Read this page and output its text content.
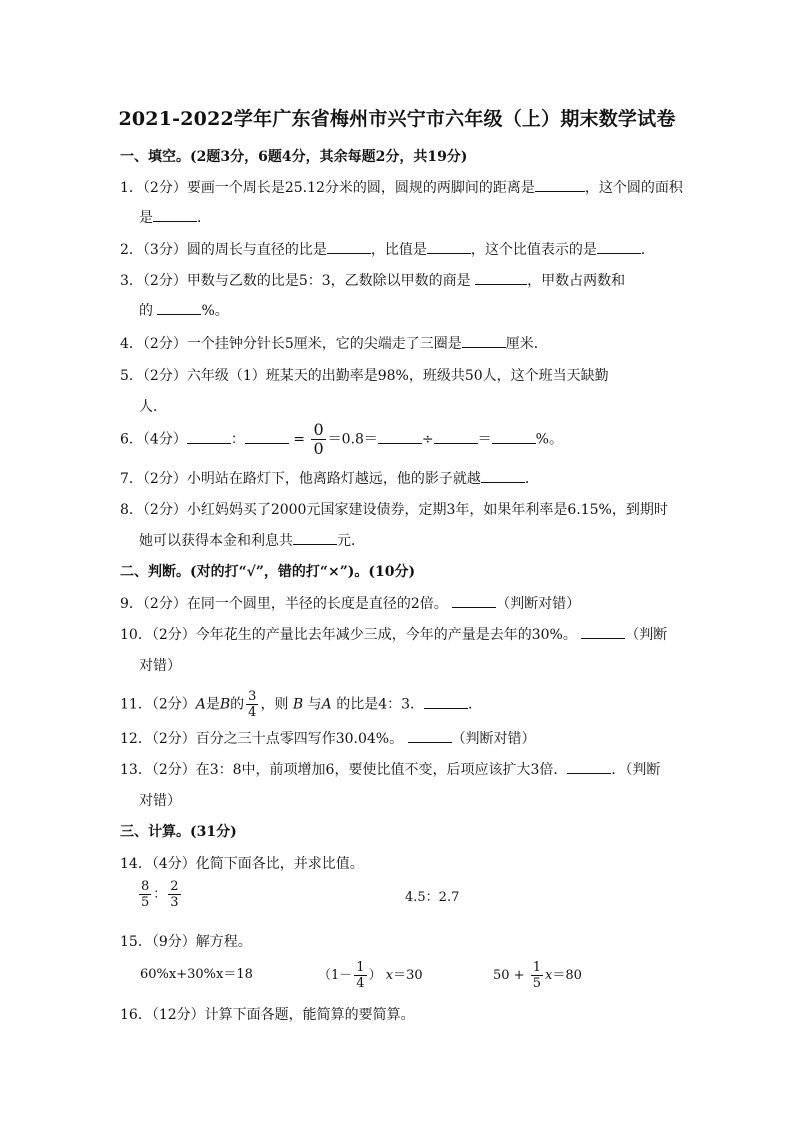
2021-2022学年广东省梅州市兴宁市六年级（上）期末数学试卷
一、填空。(2题3分，6题4分，其余每题2分，共19分)
1．（2分）要画一个周长是25.12分米的圆，圆规的两脚间的距离是	，这个圆的面积
是	．
2．（3分）圆的周长与直径的比是	，比值是	，这个比值表示的是	．
3．（2分）甲数与乙数的比是5：3，乙数除以甲数的商是	，甲数占两数和
的	%。
4．（2分）一个挂钟分针长5厘米，它的尖端走了三圈是	厘米．
5．（2分）六年级（1）班某天的出勤率是98%，班级共50人，这个班当天缺勤
人．
6．（4分）	：	= $\frac{0}{0} =0.8=$	÷	＝	%。
7．（2分）小明站在路灯下，他离路灯越远，他的影子就越	．
8．（2分）小红妈妈买了2000元国家建设债券，定期3年，如果年利率是6.15%，到期时
她可以获得本金和利息共	元．
二、判断。(对的打“√”，错的打“×”)。(10分)
9．（2分）在同一个圆里，半径的长度是直径的2倍。	（判断对错）
10．（2分）今年花生的产量比去年减少三成，今年的产量是去年的30%。	（判断
对错）
11．（2分）A是B的 $\frac{3}{4}$ ，则 B 与A 的比是4：3．	．
12．（2分）百分之三十点零四写作30.04%。	（判断对错）
13．（2分）在3：8中，前项增加6，要使比值不变，后项应该扩大3倍．	．（判断
对错）
三、计算。(31分)
14．（4分）化简下面各比，并求比值。
$\frac{8}{5}$ ： $\frac{2}{3}$	4.5：2.7
15．（9分）解方程。
60%x+30%x＝18	（$1- \frac{1}{4}$ ） x＝30	$50 + \frac{1}{5} x=80$
16．（12分）计算下面各题，能简算的要简算。
